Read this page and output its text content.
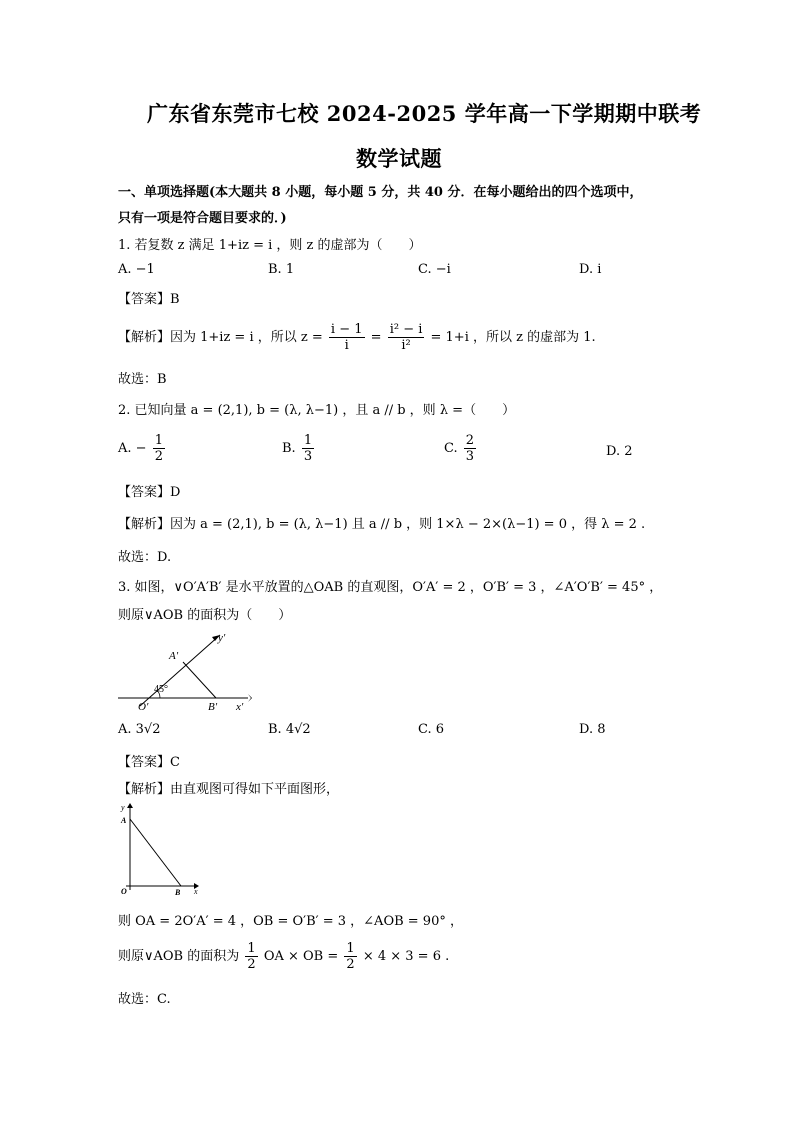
广东省东莞市七校 2024-2025 学年高一下学期期中联考
数学试题
一、单项选择题(本大题共 8 小题，每小题 5 分，共 40 分．在每小题给出的四个选项中，
只有一项是符合题目要求的．)
1. 若复数 z 满足 1+iz = i ，则 z 的虚部为（　　）
A. −1	B. 1	C. −i	D. i
【答案】B
【解析】因为 1+iz = i ，所以 $z = \frac{i - 1}{i} = \frac{\text{i² − i}}{\text{i²}} = 1+i$ ，所以 z 的虚部为 1.
故选：B
2. 已知向量 a = (2,1), b = (λ, λ−1) ，且 a // b ，则 λ =（　　）
A. − $\frac{1}{2}$	B. $\frac{1}{3}$	C. $\frac{2}{3}$	D. 2
【答案】D
【解析】因为 a = (2,1), b = (λ, λ−1) 且 a // b ，则 1×λ − 2×(λ−1) = 0 ，得 λ = 2 .
故选：D.
3. 如图，∨O′A′B′ 是水平放置的△OAB 的直观图，O′A′ = 2 ，O′B′ = 3 ，∠A′O′B′ = 45° ，
则原∨AOB 的面积为（　　）
y′
A′
45°
O′	B′ x′
A. 3√2	B. 4√2	C. 6	D. 8
【答案】C
【解析】由直观图可得如下平面图形，
y
A
O	B x
则 OA = 2O′A′ = 4 ，OB = O′B′ = 3 ，∠AOB = 90° ，
则原∨AOB 的面积为 $\frac{1}{2}$ OA × OB = $\frac{1}{2} \times 4 \times 3 = 6$ .
故选：C.
